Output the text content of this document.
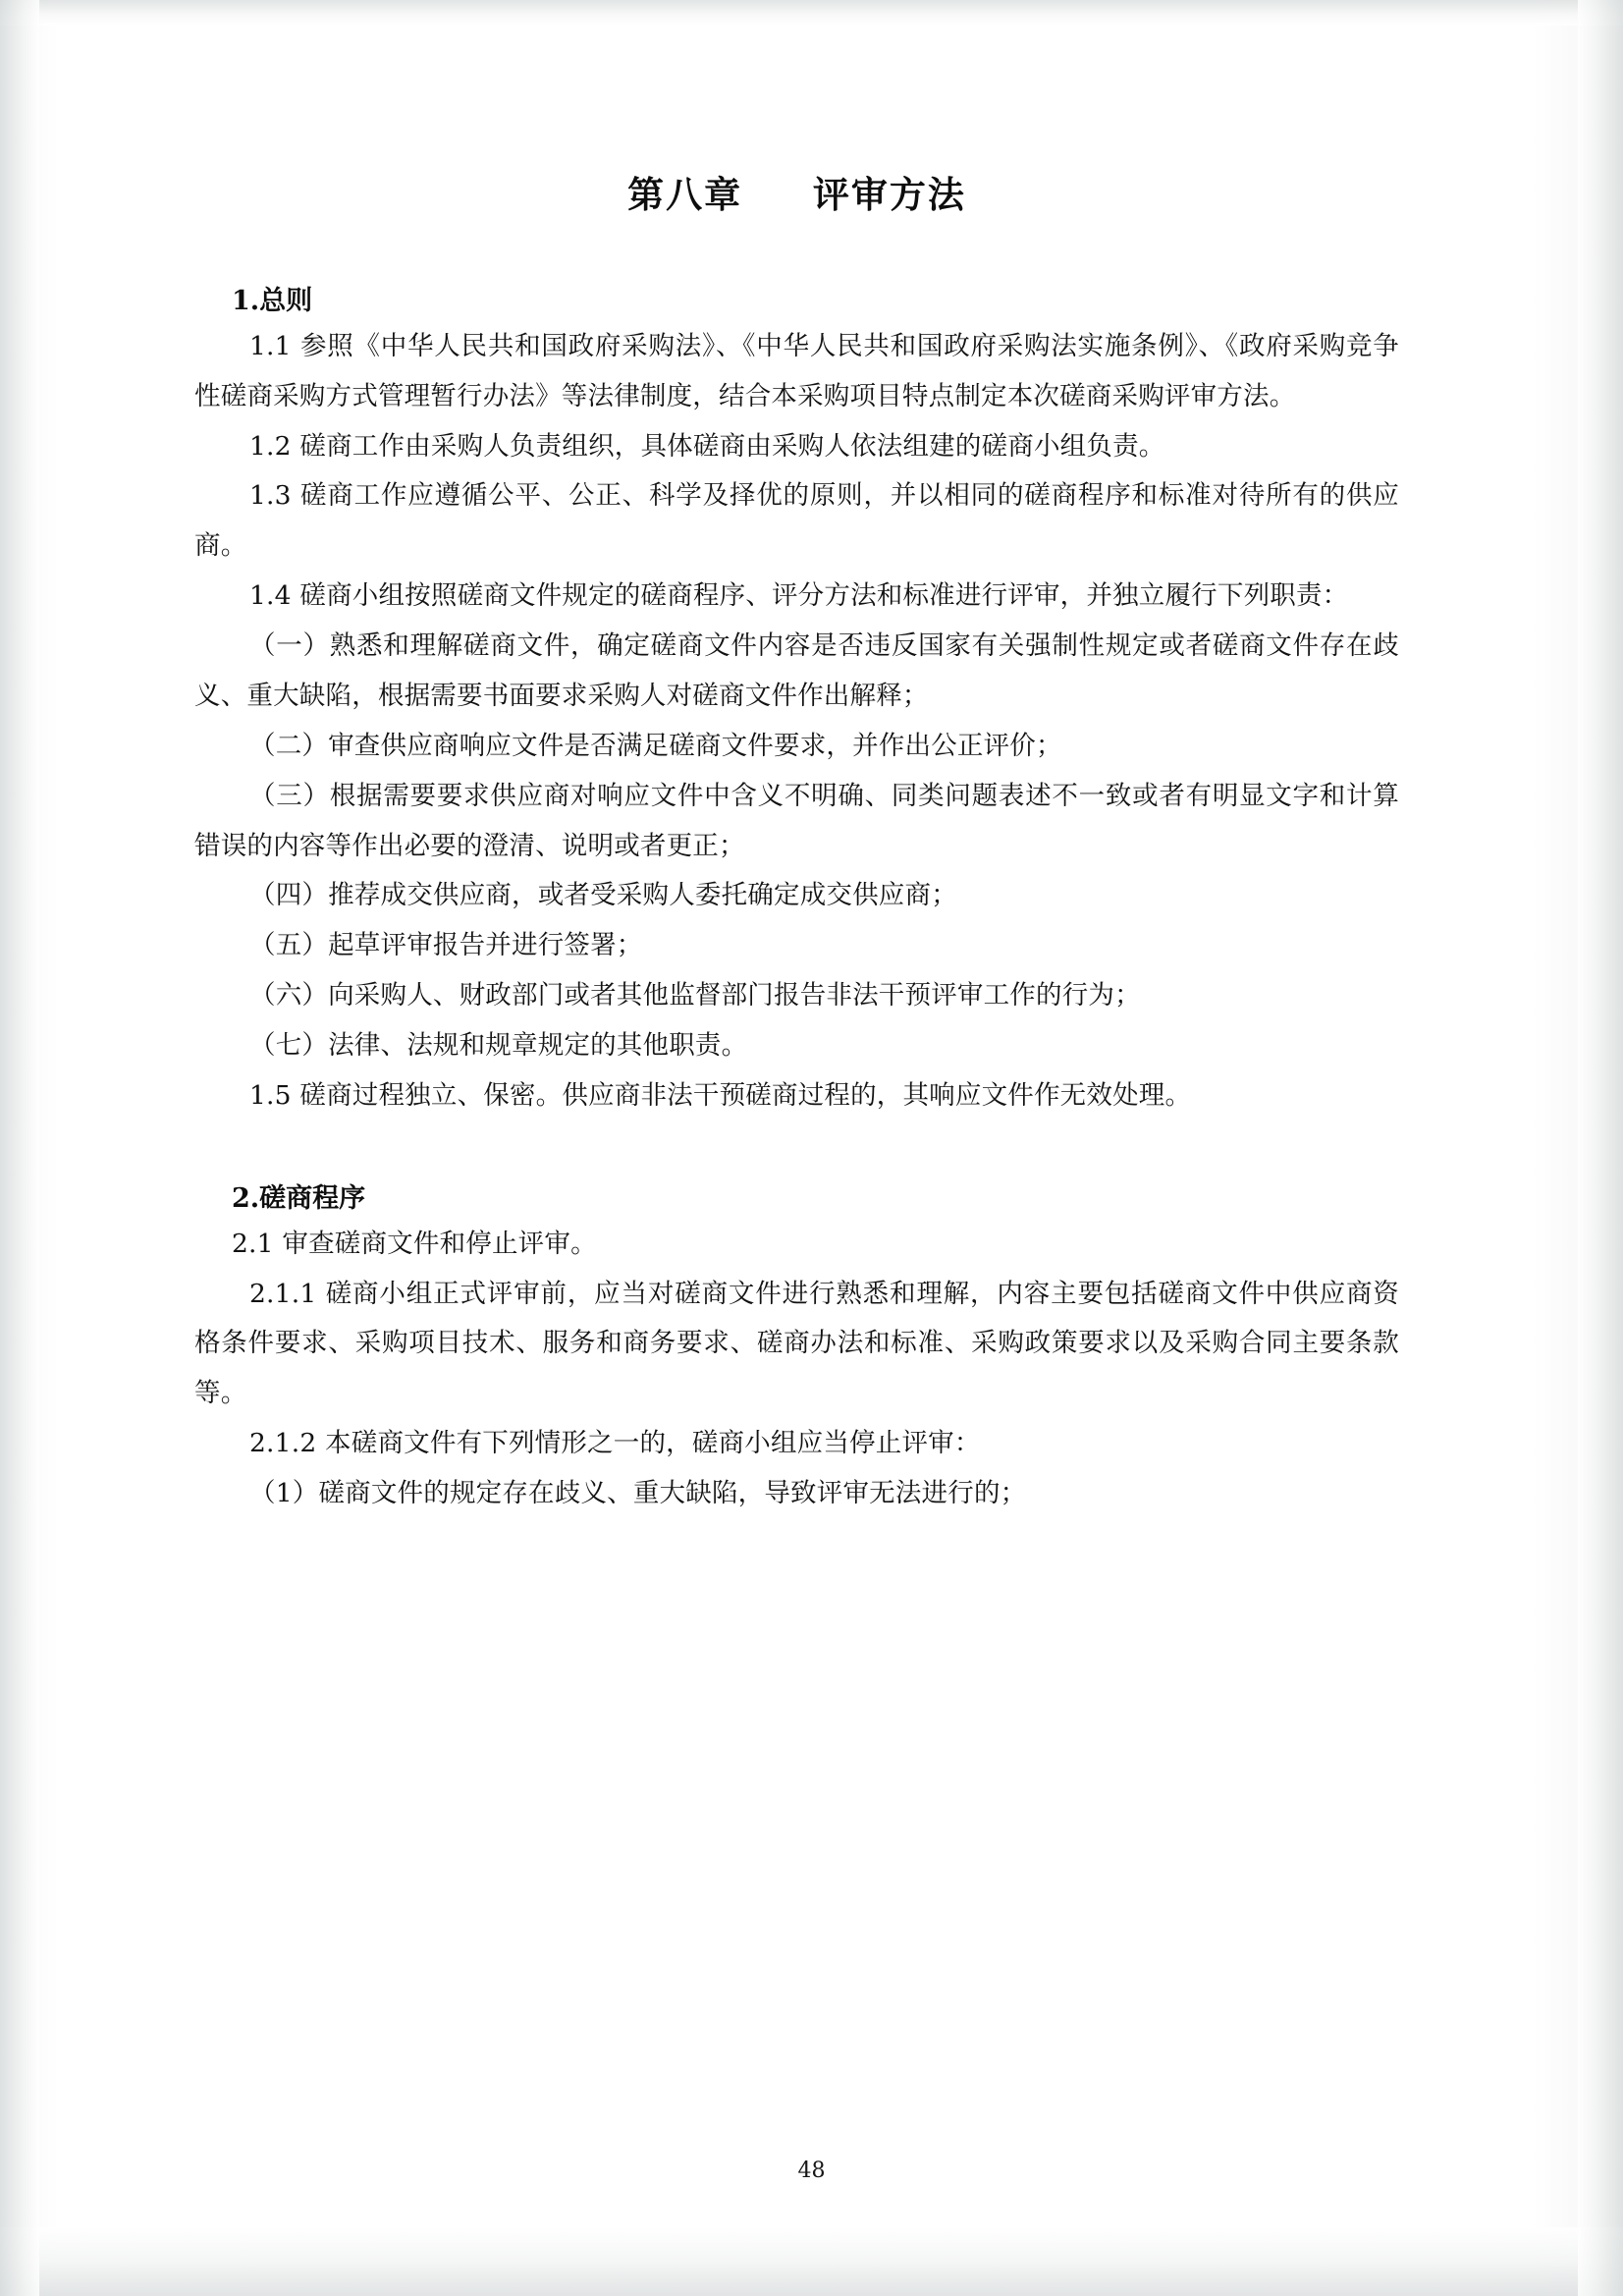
第八章 评审方法

1.总则

1.1 参照《中华人民共和国政府采购法》、《中华人民共和国政府采购法实施条例》、《政府采购竞争性磋商采购方式管理暂行办法》等法律制度，结合本采购项目特点制定本次磋商采购评审方法。

1.2 磋商工作由采购人负责组织，具体磋商由采购人依法组建的磋商小组负责。

1.3 磋商工作应遵循公平、公正、科学及择优的原则，并以相同的磋商程序和标准对待所有的供应商。

1.4 磋商小组按照磋商文件规定的磋商程序、评分方法和标准进行评审，并独立履行下列职责：

（一）熟悉和理解磋商文件，确定磋商文件内容是否违反国家有关强制性规定或者磋商文件存在歧义、重大缺陷，根据需要书面要求采购人对磋商文件作出解释；

（二）审查供应商响应文件是否满足磋商文件要求，并作出公正评价；

（三）根据需要要求供应商对响应文件中含义不明确、同类问题表述不一致或者有明显文字和计算错误的内容等作出必要的澄清、说明或者更正；

（四）推荐成交供应商，或者受采购人委托确定成交供应商；

（五）起草评审报告并进行签署；

（六）向采购人、财政部门或者其他监督部门报告非法干预评审工作的行为；

（七）法律、法规和规章规定的其他职责。

1.5 磋商过程独立、保密。供应商非法干预磋商过程的，其响应文件作无效处理。

2.磋商程序

2.1 审查磋商文件和停止评审。

2.1.1 磋商小组正式评审前，应当对磋商文件进行熟悉和理解，内容主要包括磋商文件中供应商资格条件要求、采购项目技术、服务和商务要求、磋商办法和标准、采购政策要求以及采购合同主要条款等。

2.1.2 本磋商文件有下列情形之一的，磋商小组应当停止评审：

（1）磋商文件的规定存在歧义、重大缺陷，导致评审无法进行的；

48
